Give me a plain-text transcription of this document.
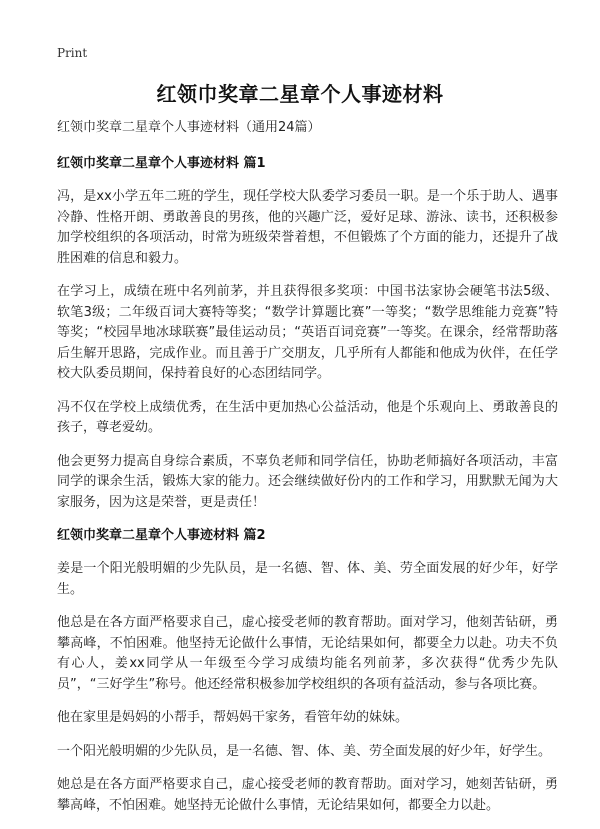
Print
红领巾奖章二星章个人事迹材料

红领巾奖章二星章个人事迹材料（通用24篇）

红领巾奖章二星章个人事迹材料 篇1

冯，是xx小学五年二班的学生，现任学校大队委学习委员一职。是一个乐于助人、遇事冷静、性格开朗、勇敢善良的男孩，他的兴趣广泛，爱好足球、游泳、读书，还积极参加学校组织的各项活动，时常为班级荣誉着想，不但锻炼了个方面的能力，还提升了战胜困难的信息和毅力。

在学习上，成绩在班中名列前茅，并且获得很多奖项：中国书法家协会硬笔书法5级、软笔3级；二年级百词大赛特等奖；“数学计算题比赛”一等奖；“数学思维能力竞赛”特等奖；“校园旱地冰球联赛”最佳运动员；“英语百词竞赛”一等奖。在课余，经常帮助落后生解开思路，完成作业。而且善于广交朋友，几乎所有人都能和他成为伙伴，在任学校大队委员期间，保持着良好的心态团结同学。

冯不仅在学校上成绩优秀，在生活中更加热心公益活动，他是个乐观向上、勇敢善良的孩子，尊老爱幼。

他会更努力提高自身综合素质，不辜负老师和同学信任，协助老师搞好各项活动，丰富同学的课余生活，锻炼大家的能力。还会继续做好份内的工作和学习，用默默无闻为大家服务，因为这是荣誉，更是责任！

红领巾奖章二星章个人事迹材料 篇2

姜是一个阳光般明媚的少先队员，是一名德、智、体、美、劳全面发展的好少年，好学生。

他总是在各方面严格要求自己，虚心接受老师的教育帮助。面对学习，他刻苦钻研，勇攀高峰，不怕困难。他坚持无论做什么事情，无论结果如何，都要全力以赴。功夫不负有心人，姜xx同学从一年级至今学习成绩均能名列前茅，多次获得“优秀少先队员”，“三好学生”称号。他还经常积极参加学校组织的各项有益活动，参与各项比赛。

他在家里是妈妈的小帮手，帮妈妈干家务，看管年幼的妹妹。

一个阳光般明媚的少先队员，是一名德、智、体、美、劳全面发展的好少年，好学生。

她总是在各方面严格要求自己，虚心接受老师的教育帮助。面对学习，她刻苦钻研，勇攀高峰，不怕困难。她坚持无论做什么事情，无论结果如何，都要全力以赴。
